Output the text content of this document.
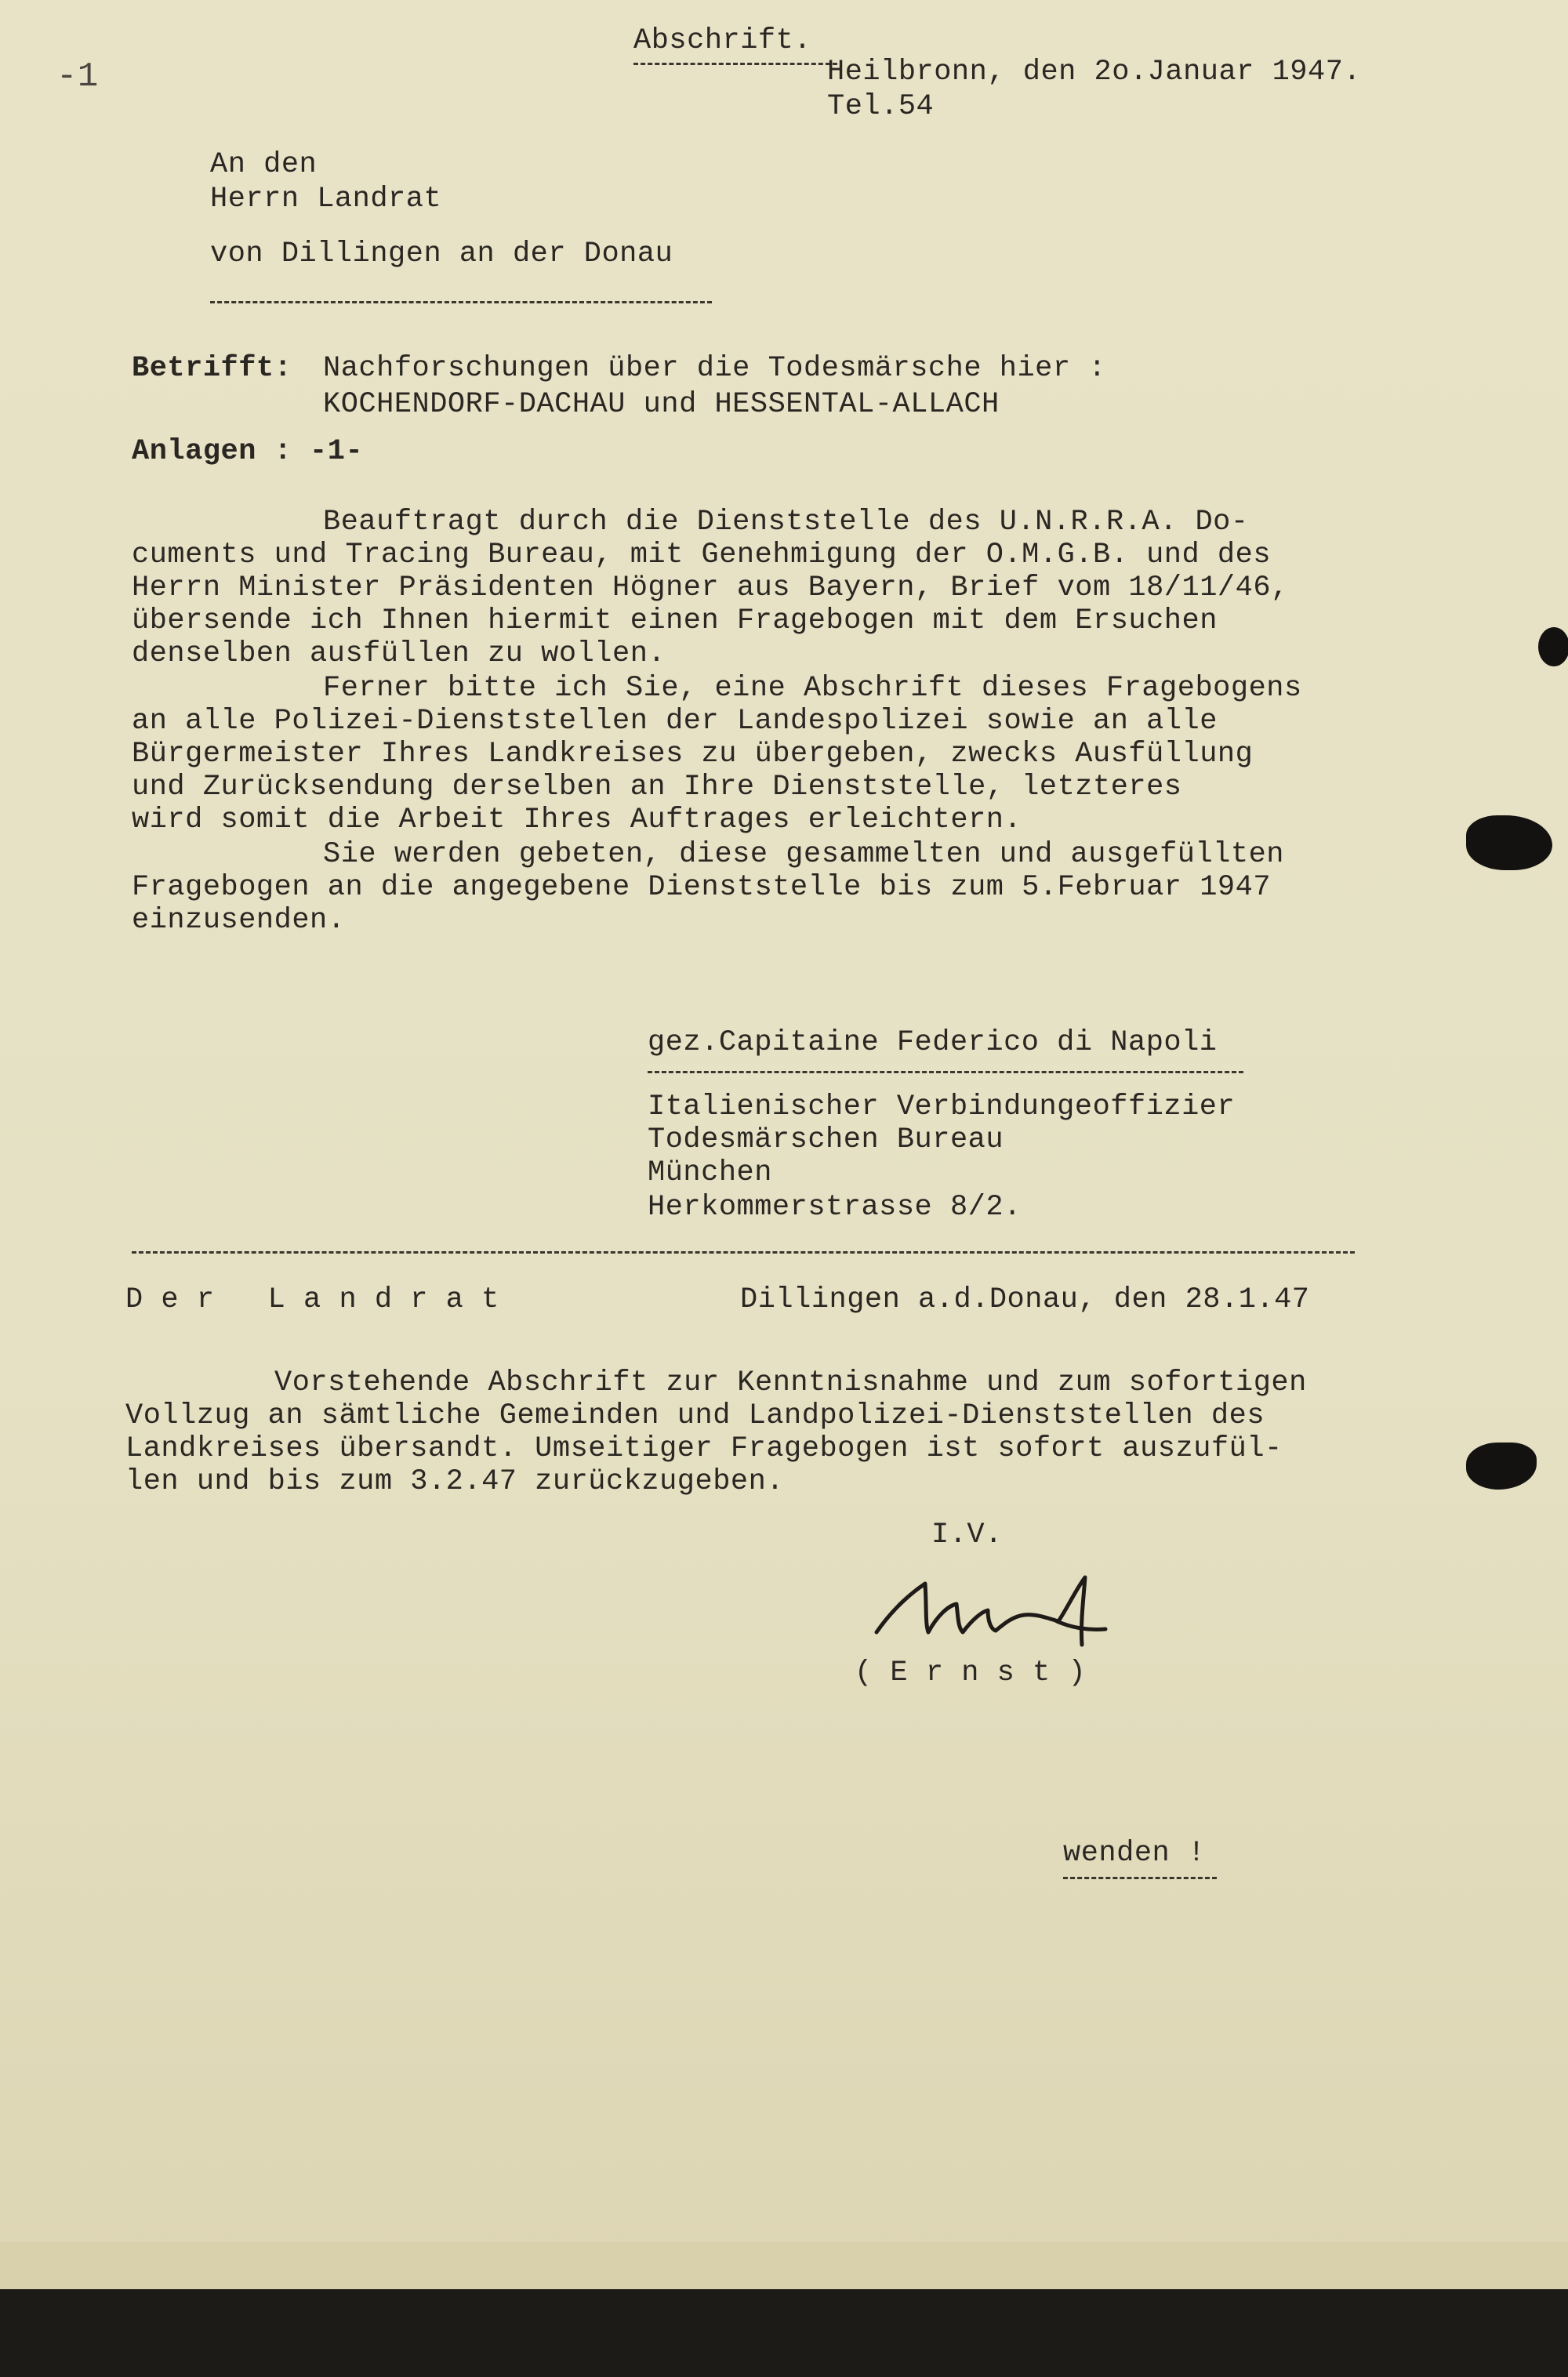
-1
Abschrift.
Heilbronn, den 2o.Januar 1947.
Tel.54
An den
Herrn Landrat
von Dillingen an der Donau
Betrifft: Nachforschungen über die Todesmärsche hier :
KOCHENDORF-DACHAU und HESSENTAL-ALLACH
Anlagen : -1-
Beauftragt durch die Dienststelle des U.N.R.R.A. Do-
cuments und Tracing Bureau, mit Genehmigung der O.M.G.B. und des
Herrn Minister Präsidenten Högner aus Bayern, Brief vom 18/11/46,
übersende ich Ihnen hiermit einen Fragebogen mit dem Ersuchen
denselben ausfüllen zu wollen.
Ferner bitte ich Sie, eine Abschrift dieses Fragebogens
an alle Polizei-Dienststellen der Landespolizei sowie an alle
Bürgermeister Ihres Landkreises zu übergeben, zwecks Ausfüllung
und Zurücksendung derselben an Ihre Dienststelle, letzteres
wird somit die Arbeit Ihres Auftrages erleichtern.
Sie werden gebeten, diese gesammelten und ausgefüllten
Fragebogen an die angegebene Dienststelle bis zum 5.Februar 1947
einzusenden.
gez.Capitaine Federico di Napoli
Italienischer Verbindungeoffizier
Todesmärschen Bureau
München
Herkommerstrasse 8/2.
D e r   L a n d r a t	Dillingen a.d.Donau, den 28.1.47
Vorstehende Abschrift zur Kenntnisnahme und zum sofortigen
Vollzug an sämtliche Gemeinden und Landpolizei-Dienststellen des
Landkreises übersandt. Umseitiger Fragebogen ist sofort auszufül-
len und bis zum 3.2.47 zurückzugeben.
I.V.
( E r n s t )
wenden !
